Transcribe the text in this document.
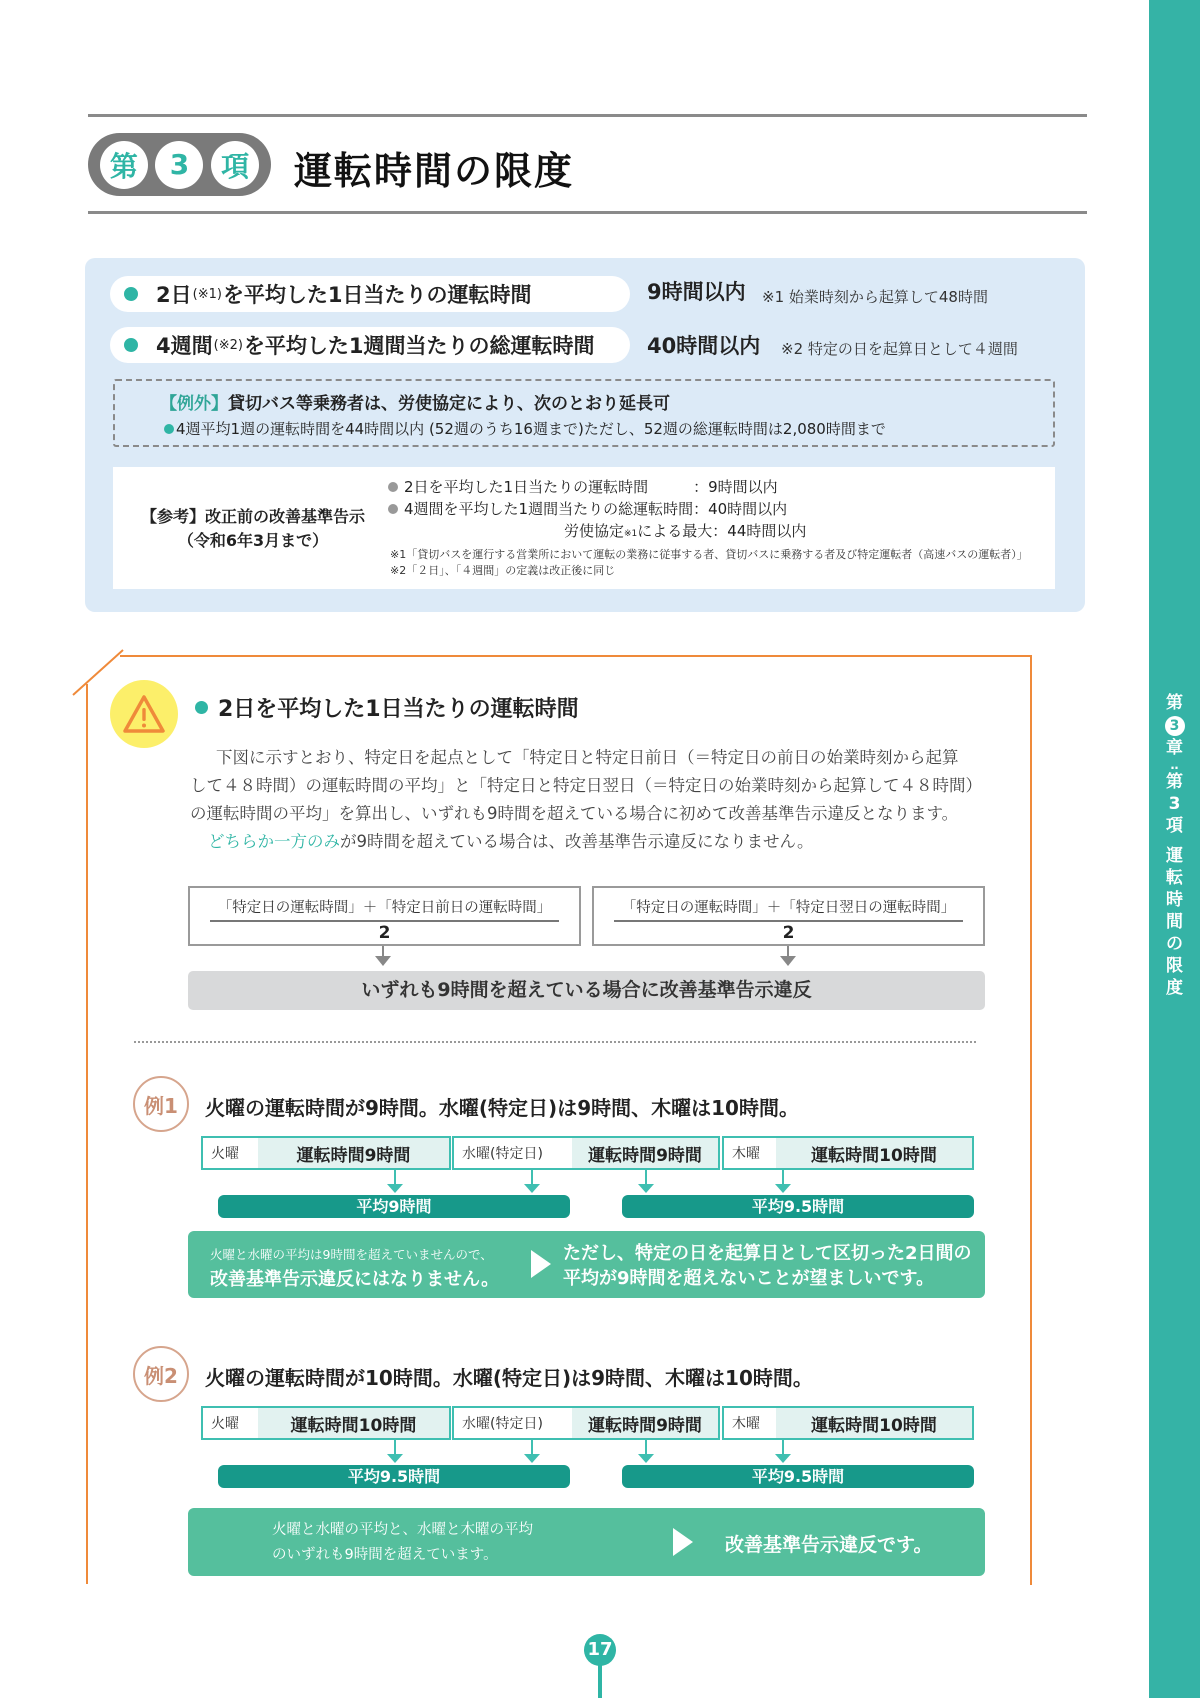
第
3
章
‥
第
3
項
運
転
時
間
の
限
度
第	3	項 運転時間の限度
2日 (※1) を平均した1日当たりの運転時間	9時間以内 ※1 始業時刻から起算して48時間
4週間 (※2) を平均した1週間当たりの総運転時間 40時間以内 ※2 特定の日を起算日として４週間
【例外】貸切バス等乗務者は、労使協定により、次のとおり延長可
4週平均1週の運転時間を44時間以内 (52週のうち16週まで)ただし、52週の総運転時間は2,080時間まで
【参考】改正前の改善基準告示
（令和6年3月まで）
2日を平均した1日当たりの運転時間　　　：9時間以内
4週間を平均した1週間当たりの総運転時間：40時間以内
労使協定※1による最大：44時間以内
※1「貸切バスを運行する営業所において運転の業務に従事する者、貸切バスに乗務する者及び特定運転者（高速バスの運転者）」
※2「２日」、「４週間」の定義は改正後に同じ
2日を平均した1日当たりの運転時間

下図に示すとおり、特定日を起点として「特定日と特定日前日（＝特定日の前日の始業時刻から起算

して４８時間）の運転時間の平均」と「特定日と特定日翌日（＝特定日の始業時刻から起算して４８時間）

の運転時間の平均」を算出し、いずれも9時間を超えている場合に初めて改善基準告示違反となります。

どちらか一方のみが9時間を超えている場合は、改善基準告示違反になりません。

「特定日の運転時間」＋「特定日前日の運転時間」
2
「特定日の運転時間」＋「特定日翌日の運転時間」
2
いずれも9時間を超えている場合に改善基準告示違反
例1	火曜の運転時間が9時間。水曜(特定日)は9時間、木曜は10時間。
火曜	運転時間9時間	水曜(特定日)	運転時間9時間	木曜	運転時間10時間
平均9時間	平均9.5時間
火曜と水曜の平均は9時間を超えていませんので、
改善基準告示違反にはなりません。
ただし、特定の日を起算日として区切った2日間の
平均が9時間を超えないことが望ましいです。
例2	火曜の運転時間が10時間。水曜(特定日)は9時間、木曜は10時間。
火曜	運転時間10時間	水曜(特定日)	運転時間9時間	木曜	運転時間10時間
平均9.5時間	平均9.5時間
火曜と水曜の平均と、水曜と木曜の平均
のいずれも9時間を超えています。	改善基準告示違反です。
17
